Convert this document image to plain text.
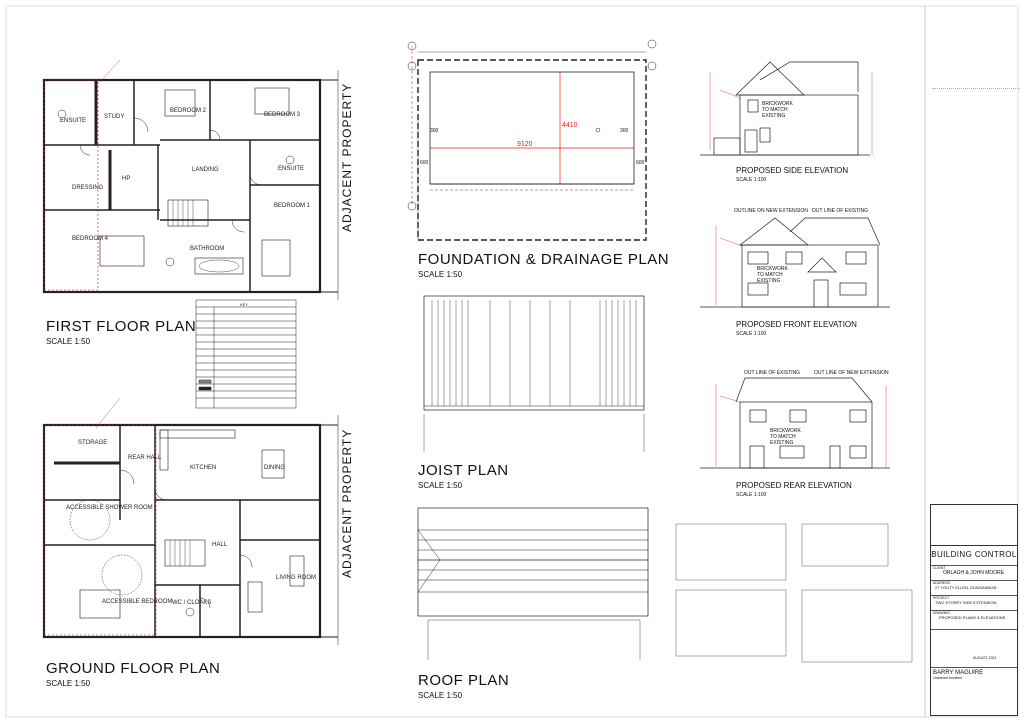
FIRST FLOOR PLAN
SCALE 1:50
GROUND FLOOR PLAN
SCALE 1:50
FOUNDATION & DRAINAGE PLAN
SCALE 1:50
JOIST PLAN
SCALE 1:50
ROOF PLAN
SCALE 1:50
ADJACENT PROPERTY
ADJACENT PROPERTY
ENSUITE
STUDY
BEDROOM 2
BEDROOM 3
LANDING	ENSUITE
DRESSING
HP
BEDROOM 1
BEDROOM 4
BATHROOM
STORAGE
REAR HALL
KITCHEN	DINING
ACCESSIBLE SHOWER ROOM
HALL
LIVING ROOM
ACCESSIBLE BEDROOM WC / CLOAKS
9120
4410
300	300
600	600
PROPOSED SIDE ELEVATION
SCALE 1:100
BRICKWORK TO MATCH EXISTING
PROPOSED FRONT ELEVATION
SCALE 1:100
BRICKWORK TO MATCH EXISTING
OUTLINE ON NEW EXTENSION OUT LINE OF EXISTING
PROPOSED REAR ELEVATION
SCALE 1:100
BRICKWORK TO MATCH EXISTING
OUT LINE OF EXISTING	OUT LINE OF NEW EXTENSION
KEY
BUILDING CONTROL
CLIENT
ORLAGH & JOHN MOORE
ADDRESS
27 YOUTY ELLEN, DUNGANNON
PROJECT
TWO STOREY SIDE EXTENSION
DRAWING
PROPOSED PLANS & ELEVATIONS
AUGUST 2023
BARRY MAGUIRE
chartered architect
